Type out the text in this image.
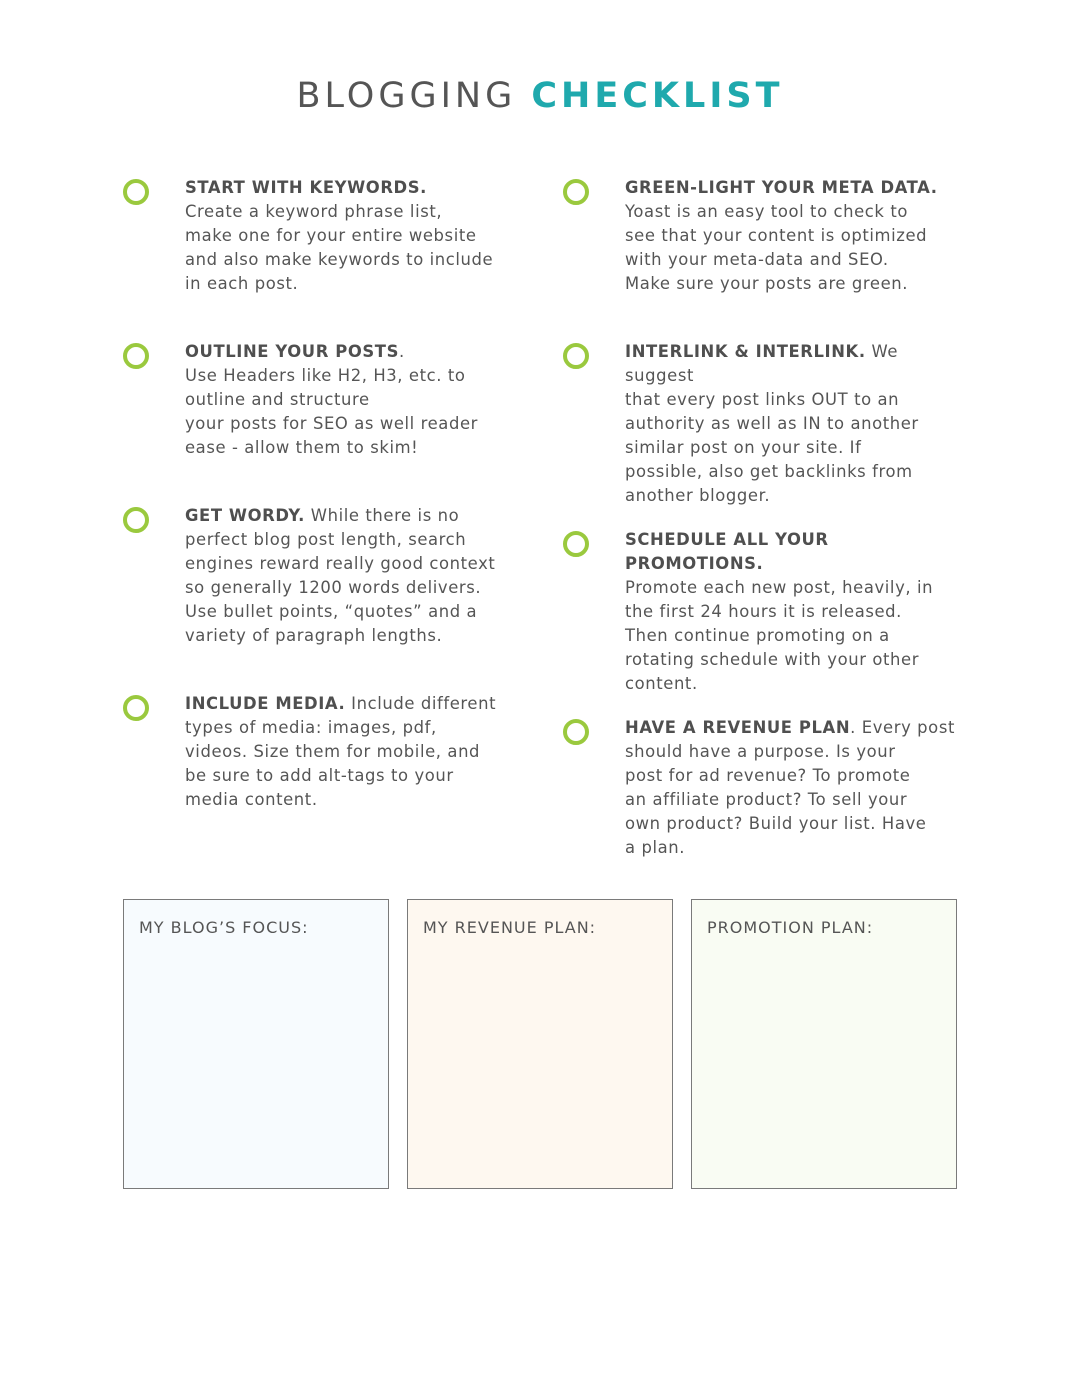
BLOGGING CHECKLIST
START WITH KEYWORDS.
Create a keyword phrase list,
make one for your entire website
and also make keywords to include
in each post.
OUTLINE YOUR POSTS.
Use Headers like H2, H3, etc. to
outline and structure
your posts for SEO as well reader
ease - allow them to skim!
GET WORDY. While there is no
perfect blog post length, search
engines reward really good context
so generally 1200 words delivers.
Use bullet points, “quotes” and a
variety of paragraph lengths.
INCLUDE MEDIA. Include different
types of media: images, pdf,
videos. Size them for mobile, and
be sure to add alt-tags to your
media content.
GREEN-LIGHT YOUR META DATA.
Yoast is an easy tool to check to
see that your content is optimized
with your meta-data and SEO.
Make sure your posts are green.
INTERLINK & INTERLINK. We suggest
that every post links OUT to an
authority as well as IN to another
similar post on your site. If
possible, also get backlinks from
another blogger.
SCHEDULE ALL YOUR PROMOTIONS.
Promote each new post, heavily, in
the first 24 hours it is released.
Then continue promoting on a
rotating schedule with your other
content.
HAVE A REVENUE PLAN. Every post
should have a purpose. Is your
post for ad revenue? To promote
an affiliate product? To sell your
own product? Build your list. Have
a plan.
MY BLOG’S FOCUS:	MY REVENUE PLAN:	PROMOTION PLAN:
